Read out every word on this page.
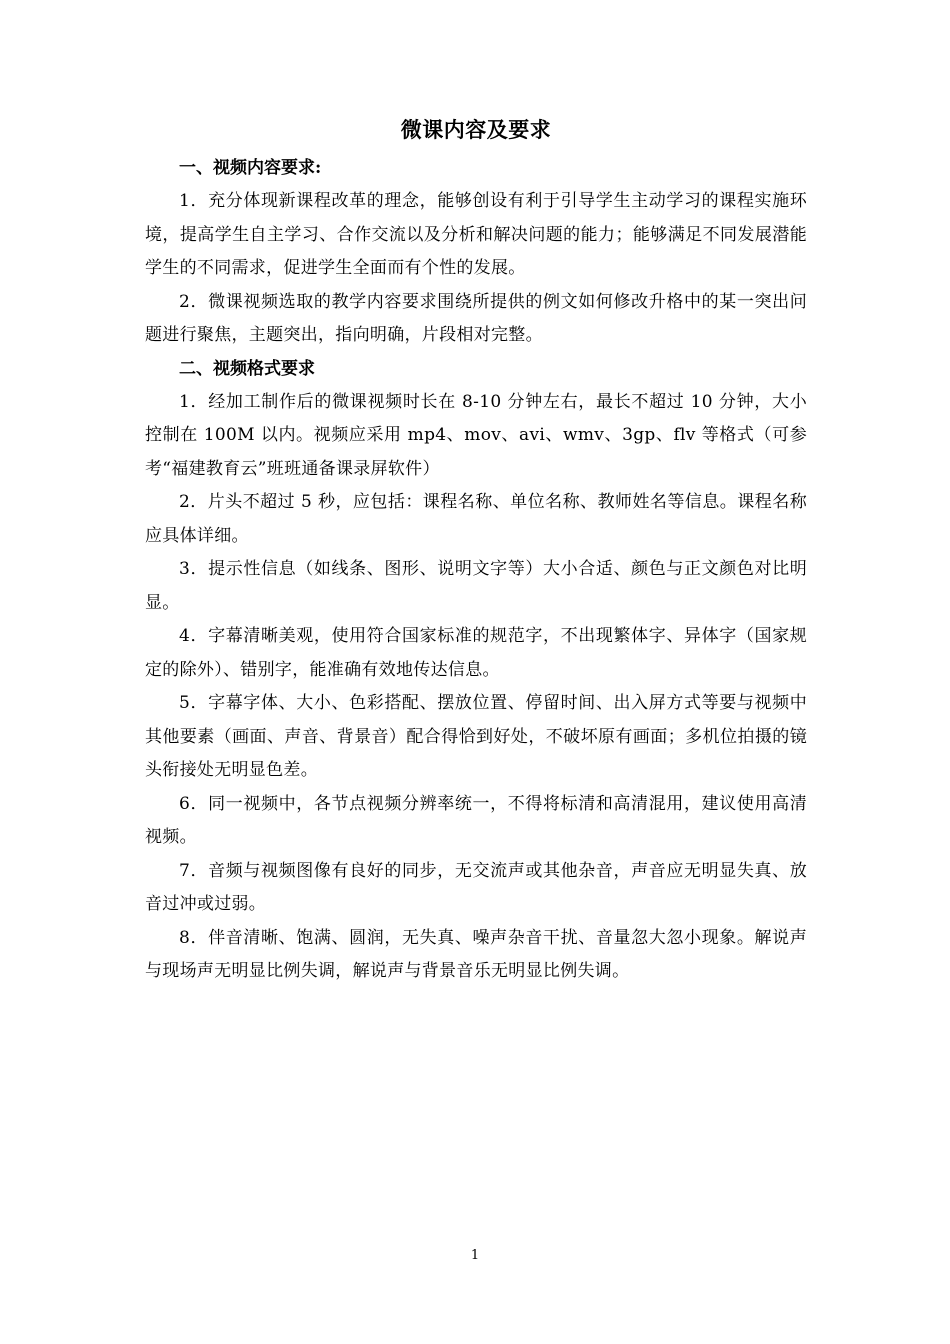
微课内容及要求

一、视频内容要求:

1．充分体现新课程改革的理念，能够创设有利于引导学生主动学习的课程实施环境，提高学生自主学习、合作交流以及分析和解决问题的能力；能够满足不同发展潜能学生的不同需求，促进学生全面而有个性的发展。

2．微课视频选取的教学内容要求围绕所提供的例文如何修改升格中的某一突出问题进行聚焦，主题突出，指向明确，片段相对完整。

二、视频格式要求

1．经加工制作后的微课视频时长在 8-10 分钟左右，最长不超过 10 分钟，大小控制在 100M 以内。视频应采用 mp4、mov、avi、wmv、3gp、flv 等格式（可参考“福建教育云”班班通备课录屏软件）

2．片头不超过 5 秒，应包括：课程名称、单位名称、教师姓名等信息。课程名称应具体详细。

3．提示性信息（如线条、图形、说明文字等）大小合适、颜色与正文颜色对比明显。

4．字幕清晰美观，使用符合国家标准的规范字，不出现繁体字、异体字（国家规定的除外）、错别字，能准确有效地传达信息。

5．字幕字体、大小、色彩搭配、摆放位置、停留时间、出入屏方式等要与视频中其他要素（画面、声音、背景音）配合得恰到好处，不破坏原有画面；多机位拍摄的镜头衔接处无明显色差。

6．同一视频中，各节点视频分辨率统一，不得将标清和高清混用，建议使用高清视频。

7．音频与视频图像有良好的同步，无交流声或其他杂音，声音应无明显失真、放音过冲或过弱。

8．伴音清晰、饱满、圆润，无失真、噪声杂音干扰、音量忽大忽小现象。解说声与现场声无明显比例失调，解说声与背景音乐无明显比例失调。

1
